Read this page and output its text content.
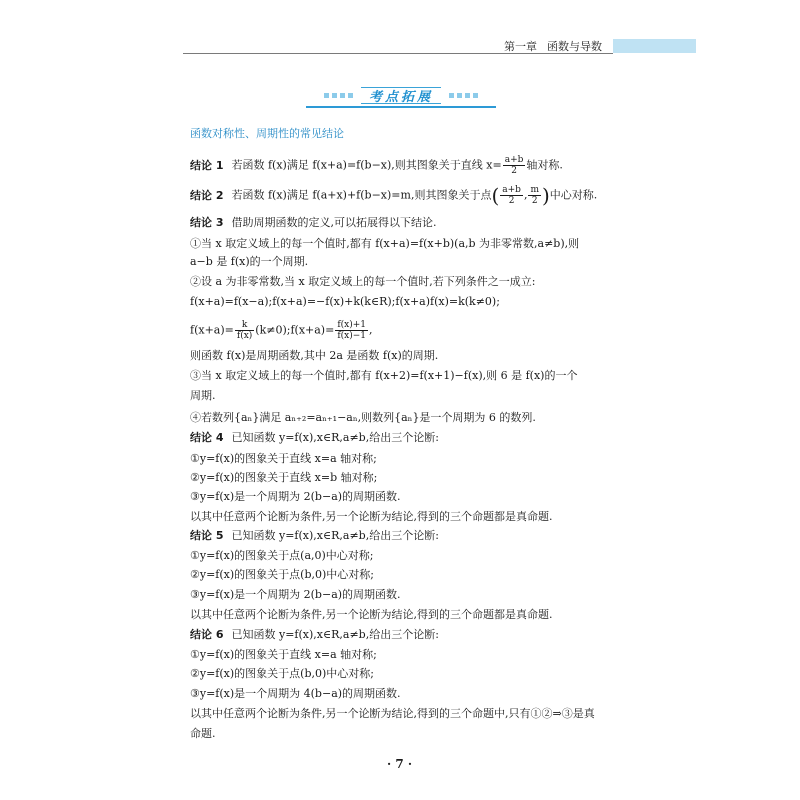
第一章 函数与导数
考点拓展
函数对称性、周期性的常见结论
结论 1 若函数 f(x)满足 f(x+a)=f(b−x),则其图象关于直线 $x= \frac{a+b}{2}$ 轴对称.
结论 2 若函数 f(x)满足 f(a+x)+f(b−x)=m,则其图象关于点( $\frac{a+b}{2}$ , $\frac{m}{2}$ )中心对称.
结论 3 借助周期函数的定义,可以拓展得以下结论.
①当 x 取定义域上的每一个值时,都有 f(x+a)=f(x+b)(a,b 为非零常数,a≠b),则
a−b 是 f(x)的一个周期.
②设 a 为非零常数,当 x 取定义域上的每一个值时,若下列条件之一成立:
f(x+a)=f(x−a);f(x+a)=−f(x)+k(k∈R);f(x+a)f(x)=k(k≠0);
$f(x+a)= \frac{k}{f(x)}$ (k≠0);f(x+a)= $\frac{f(x)+1}{f(x)-1}$ ,
则函数 f(x)是周期函数,其中 2a 是函数 f(x)的周期.
③当 x 取定义域上的每一个值时,都有 f(x+2)=f(x+1)−f(x),则 6 是 f(x)的一个
周期.
④若数列{aₙ}满足 aₙ₊₂=aₙ₊₁−aₙ,则数列{aₙ}是一个周期为 6 的数列.
结论 4 已知函数 y=f(x),x∈R,a≠b,给出三个论断:
①y=f(x)的图象关于直线 x=a 轴对称;
②y=f(x)的图象关于直线 x=b 轴对称;
③y=f(x)是一个周期为 2(b−a)的周期函数.
以其中任意两个论断为条件,另一个论断为结论,得到的三个命题都是真命题.
结论 5 已知函数 y=f(x),x∈R,a≠b,给出三个论断:
①y=f(x)的图象关于点(a,0)中心对称;
②y=f(x)的图象关于点(b,0)中心对称;
③y=f(x)是一个周期为 2(b−a)的周期函数.
以其中任意两个论断为条件,另一个论断为结论,得到的三个命题都是真命题.
结论 6 已知函数 y=f(x),x∈R,a≠b,给出三个论断:
①y=f(x)的图象关于直线 x=a 轴对称;
②y=f(x)的图象关于点(b,0)中心对称;
③y=f(x)是一个周期为 4(b−a)的周期函数.
以其中任意两个论断为条件,另一个论断为结论,得到的三个命题中,只有①②⇒③是真
命题.
· 7 ·
